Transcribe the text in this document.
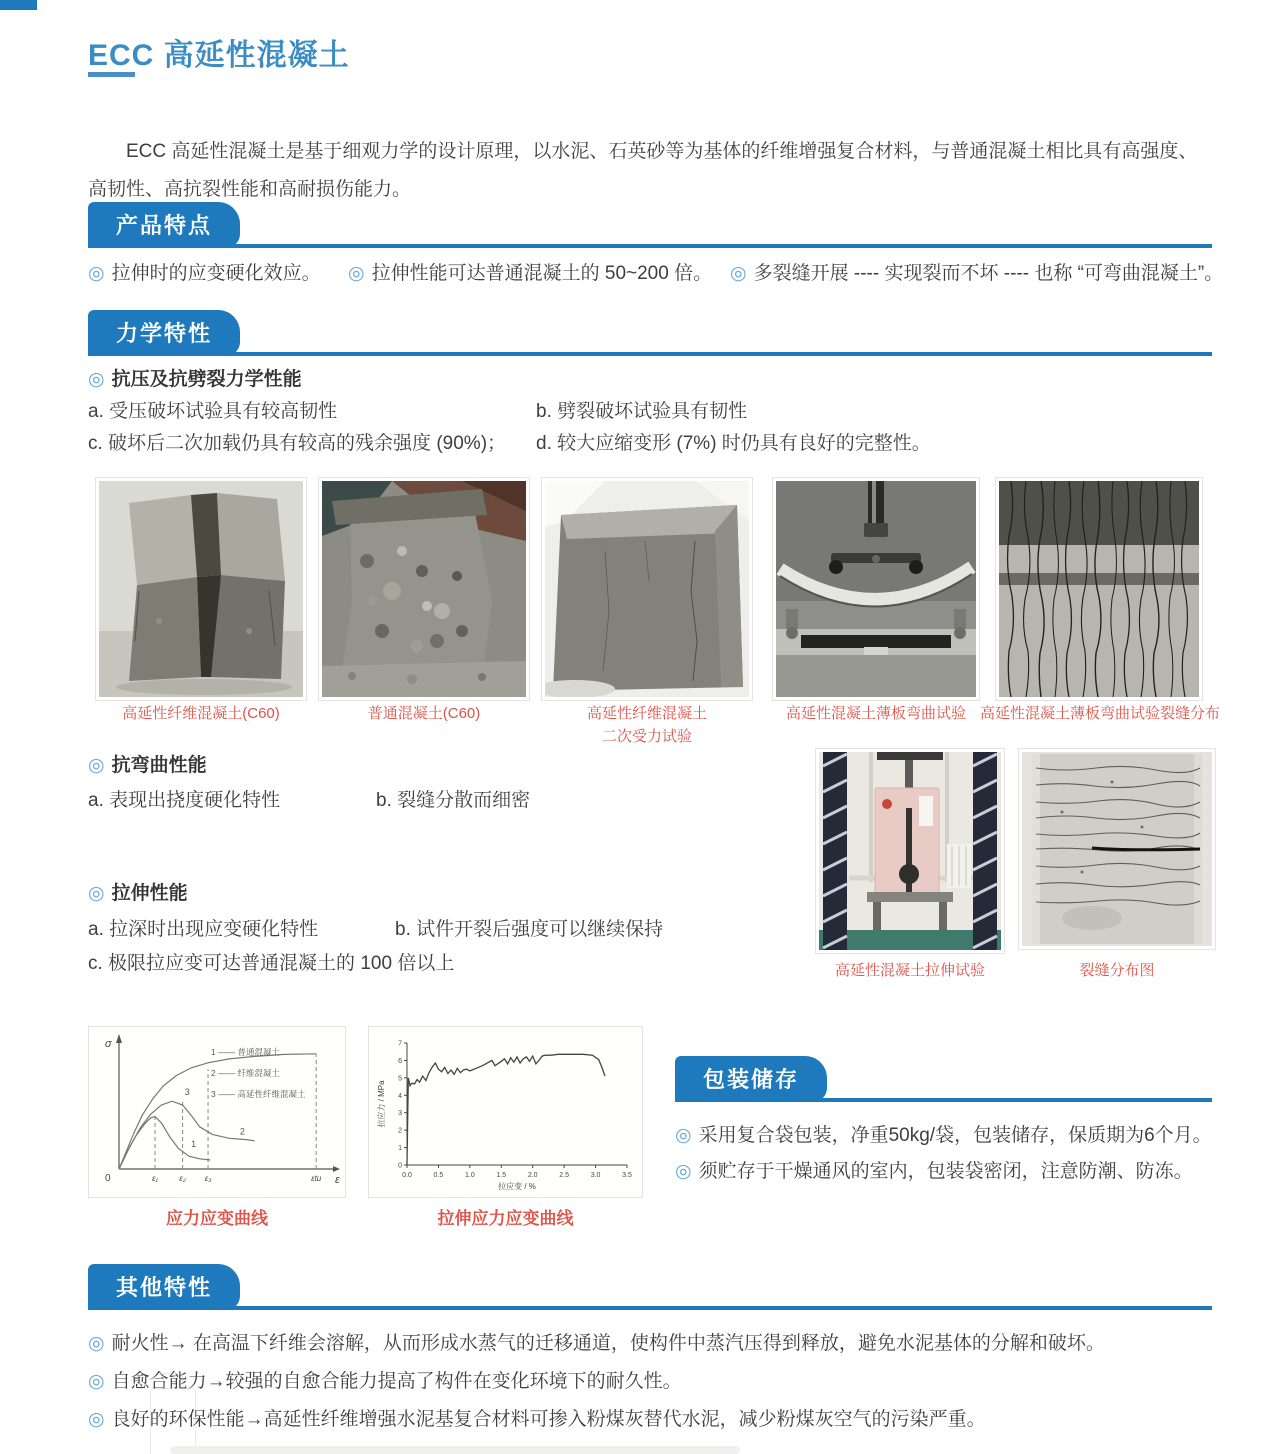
ECC 高延性混凝土

ECC 高延性混凝土是基于细观力学的设计原理，以水泥、石英砂等为基体的纤维增强复合材料，与普通混凝土相比具有高强度、高韧性、高抗裂性能和高耐损伤能力。

产品特点
◎ 拉伸时的应变硬化效应。 ◎ 拉伸性能可达普通混凝土的 50~200 倍。 ◎ 多裂缝开展 ---- 实现裂而不坏 ---- 也称 “可弯曲混凝土”。
力学特性
◎ 抗压及抗劈裂力学性能
a. 受压破坏试验具有较高韧性	b. 劈裂破坏试验具有韧性
c. 破坏后二次加载仍具有较高的残余强度 (90%)； d. 较大应缩变形 (7%) 时仍具有良好的完整性。
高延性纤维混凝土(C60)	普通混凝土(C60)	高延性纤维混凝土
二次受力试验
高延性混凝土薄板弯曲试验 高延性混凝土薄板弯曲试验裂缝分布
◎ 抗弯曲性能
a. 表现出挠度硬化特性	b. 裂缝分散而细密
高延性混凝土拉伸试验	裂缝分布图
◎ 拉伸性能
a. 拉深时出现应变硬化特性	b. 试件开裂后强度可以继续保持
c. 极限拉应变可达普通混凝土的 100 倍以上
σ
ε
0	ε₁	ε₂ ε₃	εtu
1
2
3
1 —— 普通混凝土
2 —— 纤维混凝土
3 —— 高延性纤维混凝土
0
1
2
3
4
5
6
7
0.0	0.5	1.0	1.5	2.0	2.5	3.0	3.5
拉应变 / %
拉应力 / MPa
应力应变曲线	拉伸应力应变曲线
包装储存
◎ 采用复合袋包装，净重50kg/袋，包装储存，保质期为6个月。
◎ 须贮存于干燥通风的室内，包装袋密闭，注意防潮、防冻。
其他特性
◎ 耐火性→ 在高温下纤维会溶解，从而形成水蒸气的迁移通道，使构件中蒸汽压得到释放，避免水泥基体的分解和破坏。
◎ 自愈合能力→较强的自愈合能力提高了构件在变化环境下的耐久性。
◎ 良好的环保性能→高延性纤维增强水泥基复合材料可掺入粉煤灰替代水泥，减少粉煤灰空气的污染严重。
